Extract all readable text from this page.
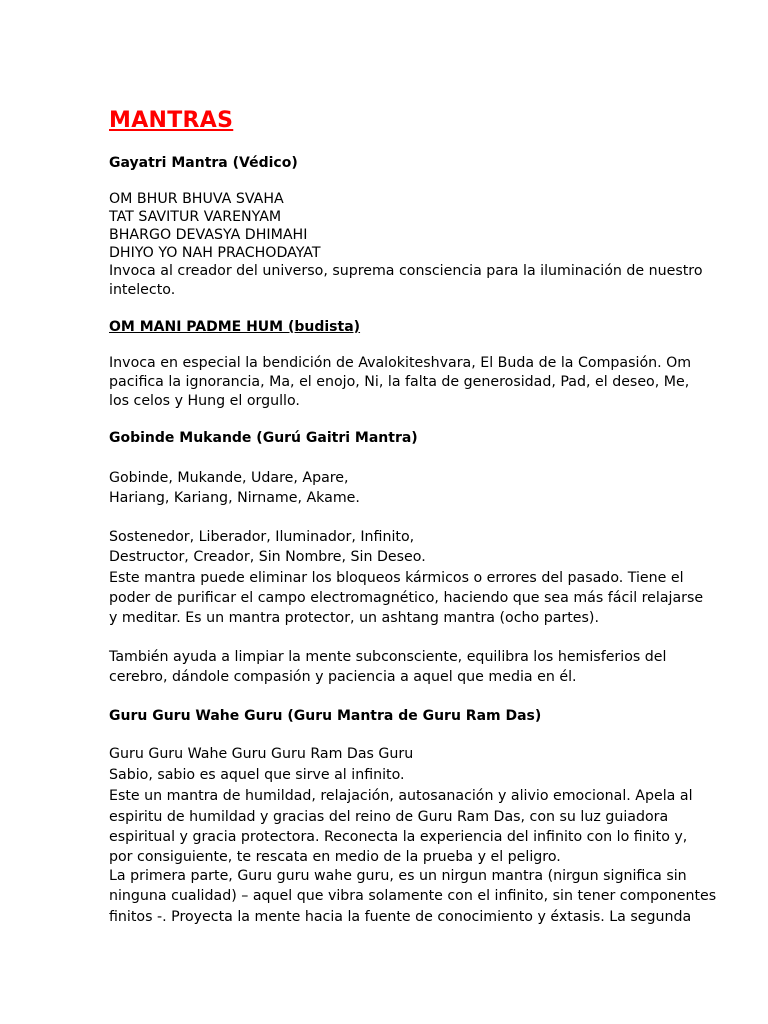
MANTRAS
Gayatri Mantra (Védico)
OM BHUR BHUVA SVAHA
TAT SAVITUR VARENYAM
BHARGO DEVASYA DHIMAHI
DHIYO YO NAH PRACHODAYAT
Invoca al creador del universo, suprema consciencia para la iluminación de nuestro
intelecto.
OM MANI PADME HUM (budista)
Invoca en especial la bendición de Avalokiteshvara, El Buda de la Compasión. Om
pacifica la ignorancia, Ma, el enojo, Ni, la falta de generosidad, Pad, el deseo, Me,
los celos y Hung el orgullo.
Gobinde Mukande (Gurú Gaitri Mantra)
Gobinde, Mukande, Udare, Apare,
Hariang, Kariang, Nirname, Akame.
Sostenedor, Liberador, Iluminador, Infinito,
Destructor, Creador, Sin Nombre, Sin Deseo.
Este mantra puede eliminar los bloqueos kármicos o errores del pasado. Tiene el
poder de purificar el campo electromagnético, haciendo que sea más fácil relajarse
y meditar. Es un mantra protector, un ashtang mantra (ocho partes).
También ayuda a limpiar la mente subconsciente, equilibra los hemisferios del
cerebro, dándole compasión y paciencia a aquel que media en él.
Guru Guru Wahe Guru (Guru Mantra de Guru Ram Das)
Guru Guru Wahe Guru Guru Ram Das Guru
Sabio, sabio es aquel que sirve al infinito.
Este un mantra de humildad, relajación, autosanación y alivio emocional. Apela al
espiritu de humildad y gracias del reino de Guru Ram Das, con su luz guiadora
espiritual y gracia protectora. Reconecta la experiencia del infinito con lo finito y,
por consiguiente, te rescata en medio de la prueba y el peligro.
La primera parte, Guru guru wahe guru, es un nirgun mantra (nirgun significa sin
ninguna cualidad) – aquel que vibra solamente con el infinito, sin tener componentes
finitos -. Proyecta la mente hacia la fuente de conocimiento y éxtasis. La segunda
